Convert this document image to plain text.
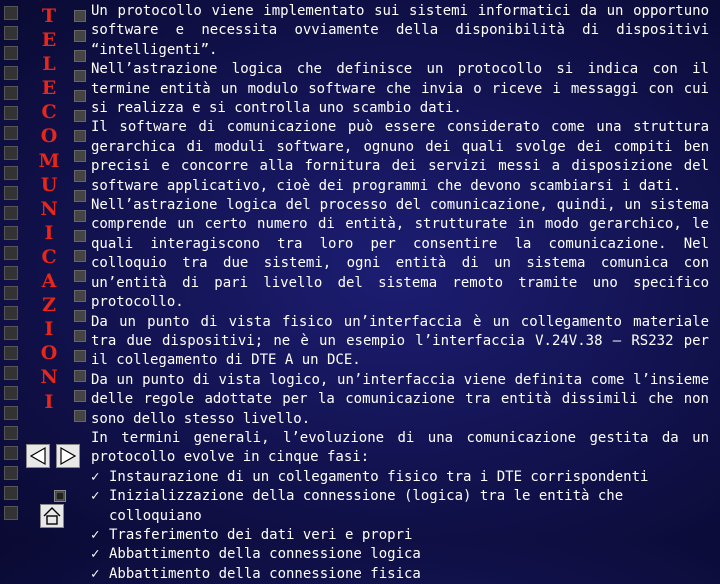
T
E
L
E
C
O
M
U
N
I
C
A
Z
I
O
N
I

Un protocollo viene implementato sui sistemi informatici da un opportuno software e necessita ovviamente della disponibilità di dispositivi “intelligenti”.

Nell’astrazione logica che definisce un protocollo si indica con il termine entità un modulo software che invia o riceve i messaggi con cui si realizza e si controlla uno scambio dati.

Il software di comunicazione può essere considerato come una struttura gerarchica di moduli software, ognuno dei quali svolge dei compiti ben precisi e concorre alla fornitura dei servizi messi a disposizione del software applicativo, cioè dei programmi che devono scambiarsi i dati.

Nell’astrazione logica del processo del comunicazione, quindi, un sistema comprende un certo numero di entità, strutturate in modo gerarchico, le quali interagiscono tra loro per consentire la comunicazione. Nel colloquio tra due sistemi, ogni entità di un sistema comunica con un’entità di pari livello del sistema remoto tramite uno specifico protocollo.

Da un punto di vista fisico un’interfaccia è un collegamento materiale tra due dispositivi; ne è un esempio l’interfaccia V.24V.38 – RS232 per il collegamento di DTE A un DCE.

Da un punto di vista logico, un’interfaccia viene definita come l’insieme delle regole adottate per la comunicazione tra entità dissimili che non sono dello stesso livello.

In termini generali, l’evoluzione di una comunicazione gestita da un protocollo evolve in cinque fasi:

✓ Instaurazione di un collegamento fisico tra i DTE corrispondenti
✓ Inizializzazione della connessione (logica) tra le entità che colloquiano
✓ Trasferimento dei dati veri e propri
✓ Abbattimento della connessione logica
✓ Abbattimento della connessione fisica
